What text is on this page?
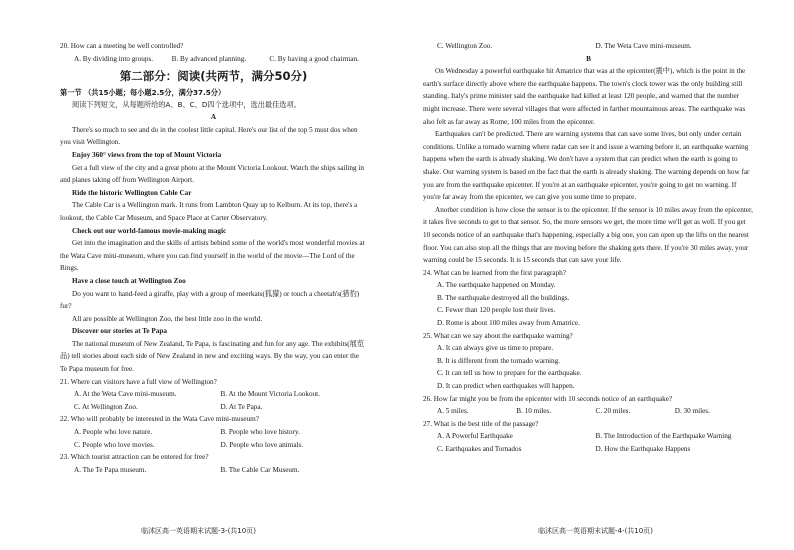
20. How can a meeting be well controlled?

A. By dividing into groups.	B. By advanced planning.	C. By having a good chairman.
第二部分：阅读(共两节，满分50分)

第一节 （共15小题；每小题2.5分，满分37.5分）

阅读下列短文，从每题所给的A、B、C、D四个选项中，选出最佳选项。

A

There's so much to see and do in the coolest little capital. Here's our list of the top 5 must dos when you visit Wellington.

Enjoy 360° views from the top of Mount Victoria

Get a full view of the city and a great photo at the Mount Victoria Lookout. Watch the ships sailing in and planes taking off from Wellington Airport.

Ride the historic Wellington Cable Car

The Cable Car is a Wellington mark. It runs from Lambton Quay up to Kelburn. At its top, there's a lookout, the Cable Car Museum, and Space Place at Carter Observatory.

Check out our world-famous movie-making magic

Get into the imagination and the skills of artists behind some of the world's most wonderful movies at the Wata Cave mini-museum, where you can find yourself in the world of the movie—The Lord of the Rings.

Have a close touch at Wellington Zoo

Do you want to hand-feed a giraffe, play with a group of meerkats(狐獴) or touch a cheetah's(猎豹) fur?

All are possible at Wellington Zoo, the best little zoo in the world.

Discover our stories at Te Papa

The national museum of New Zealand, Te Papa, is fascinating and fun for any age. The exhibits(展览品) tell stories about each side of New Zealand in new and exciting ways. By the way, you can enter the Te Papa museum for free.

21. Where can visitors have a full view of Wellington?

A. At the Weta Cave mini-museum.	B. At the Mount Victoria Lookout.
C. At Wellington Zoo.	D. At Te Papa.

22. Who will probably be interested in the Wata Cave mini-museum?

A. People who love nature.	B. People who love history.
C. People who love movies.	D. People who love animals.

23. Which tourist attraction can be entered for free?

A. The Te Papa museum.	B. The Cable Car Museum.
临沭区高一英语期末试题-3-(共10页)
C. Wellington Zoo.	D. The Weta Cave mini-museum.

B

On Wednesday a powerful earthquake hit Amatrice that was at the epicenter(震中), which is the point in the earth's surface directly above where the earthquake happens. The town's clock tower was the only building still standing. Italy's prime minister said the earthquake had killed at least 120 people, and warned that the number might increase. There were several villages that were affected in farther mountainous areas. The earthquake was also felt as far away as Rome, 100 miles from the epicenter.

Earthquakes can't be predicted. There are warning systems that can save some lives, but only under certain conditions. Unlike a tornado warning where radar can see it and issue a warning before it, an earthquake warning happens when the earth is already shaking. We don't have a system that can predict when the earth is going to shake. Our warning system is based on the fact that the earth is already shaking. The warning depends on how far you are from the earthquake epicenter. If you're at an earthquake epicenter, you're going to get no warning. If you're far away from the epicenter, we can give you some time to prepare.

Another condition is how close the sensor is to the epicenter. If the sensor is 10 miles away from the epicenter, it takes five seconds to get to that sensor. So, the more sensors we get, the more time we'll get as well. If you get 10 seconds notice of an earthquake that's happening, especially a big one, you can open up the lifts on the nearest floor. You can also stop all the things that are moving before the shaking gets there. If you're 30 miles away, your warning could be 15 seconds. It is 15 seconds that can save your life.

24. What can be learned from the first paragraph?

A. The earthquake happened on Monday.
B. The earthquake destroyed all the buildings.
C. Fewer than 120 people lost their lives.
D. Rome is about 100 miles away from Amatrice.

25. What can we say about the earthquake warning?

A. It can always give us time to prepare.
B. It is different from the tornado warning.
C. It can tell us how to prepare for the earthquake.
D. It can predict when earthquakes will happen.

26. How far might you be from the epicenter with 10 seconds notice of an earthquake?

A. 5 miles.	B. 10 miles.	C. 20 miles.	D. 30 miles.

27. What is the best title of the passage?

A. A Powerful Earthquake	B. The Introduction of the Earthquake Warning
C. Earthquakes and Tornados	D. How the Earthquake Happens
临沭区高一英语期末试题-4-(共10页)
